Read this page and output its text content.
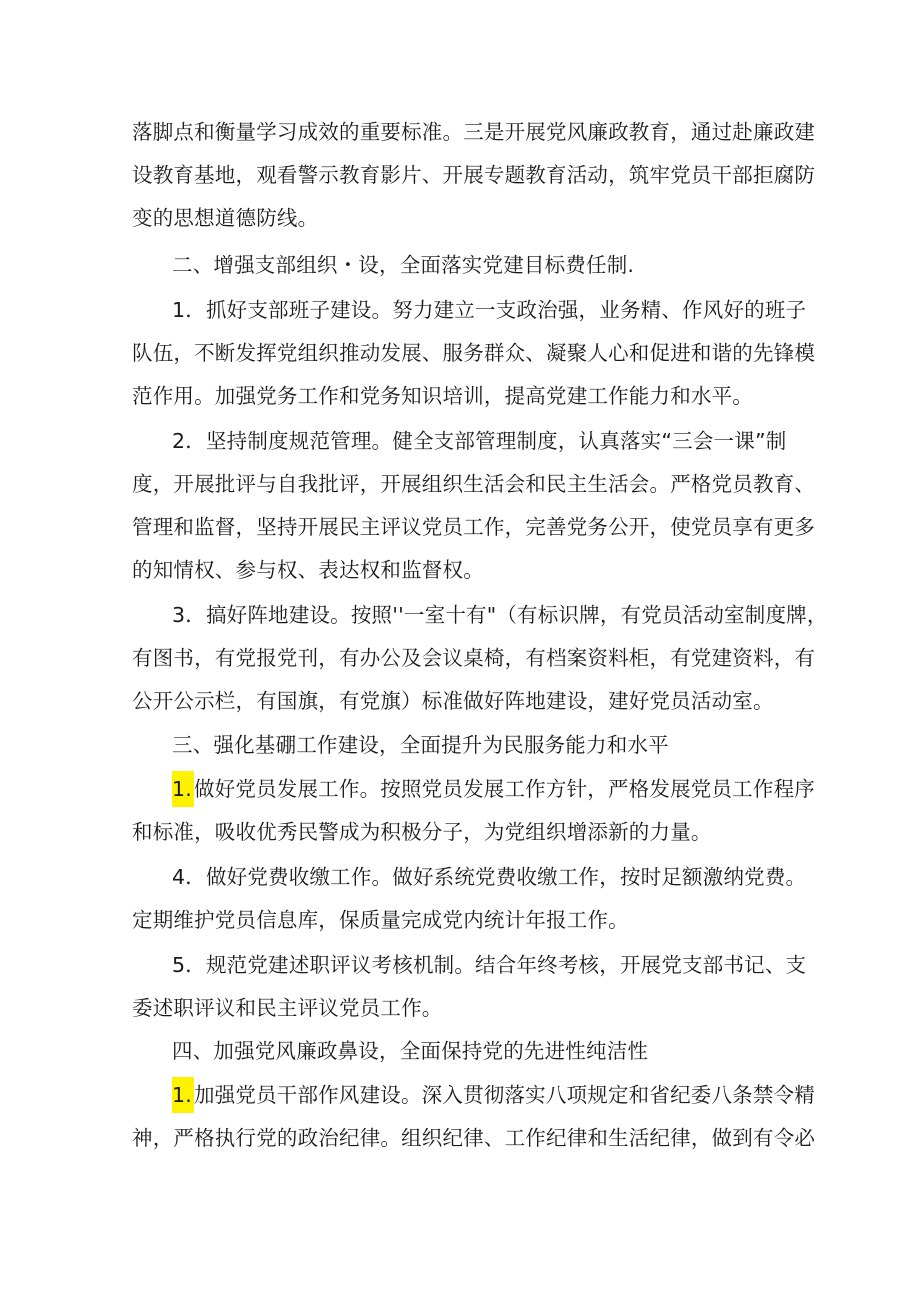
落脚点和衡量学习成效的重要标准。三是开展党风廉政教育，通过赴廉政建
设教育基地，观看警示教育影片、开展专题教育活动，筑牢党员干部拒腐防
变的思想道德防线。
二、增强支部组织・设，全面落实党建目标费任制.
1．抓好支部班子建设。努力建立一支政治强，业务精、作风好的班子
队伍，不断发挥党组织推动发展、服务群众、凝聚人心和促进和谐的先锋模
范作用。加强党务工作和党务知识培训，提高党建工作能力和水平。
2．坚持制度规范管理。健全支部管理制度，认真落实“三会一课”制
度，开展批评与自我批评，开展组织生活会和民主生活会。严格党员教育、
管理和监督，坚持开展民主评议党员工作，完善党务公开，使党员享有更多
的知情权、参与权、表达权和监督权。
3．搞好阵地建设。按照''一室十有"（有标识牌，有党员活动室制度牌，
有图书，有党报党刊，有办公及会议桌椅，有档案资料柜，有党建资料，有
公开公示栏，有国旗，有党旗）标准做好阵地建设，建好党员活动室。
三、强化基硼工作建设，全面提升为民服务能力和水平
1.做好党员发展工作。按照党员发展工作方针，严格发展党员工作程序
和标准，吸收优秀民警成为积极分子，为党组织增添新的力量。
4．做好党费收缴工作。做好系统党费收缴工作，按时足额激纳党费。
定期维护党员信息库，保质量完成党内统计年报工作。
5．规范党建述职评议考核机制。结合年终考核，开展党支部书记、支
委述职评议和民主评议党员工作。
四、加强党风廉政鼻设，全面保持党的先进性纯洁性
1.加强党员干部作风建设。深入贯彻落实八项规定和省纪委八条禁令精
神，严格执行党的政治纪律。组织纪律、工作纪律和生活纪律，做到有令必
